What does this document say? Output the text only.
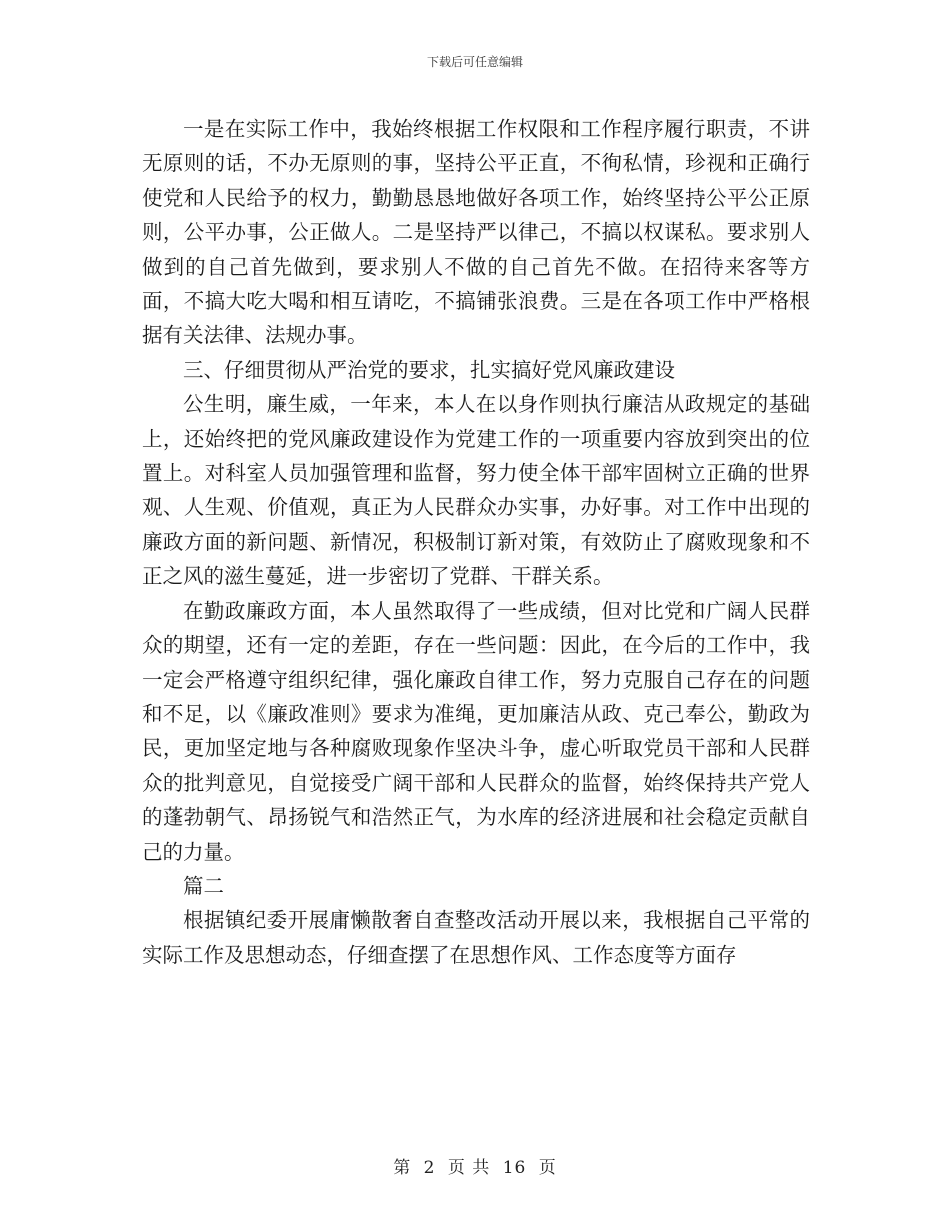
下载后可任意编辑

一是在实际工作中，我始终根据工作权限和工作程序履行职责，不讲无原则的话，不办无原则的事，坚持公平正直，不徇私情，珍视和正确行使党和人民给予的权力，勤勤恳恳地做好各项工作，始终坚持公平公正原则，公平办事，公正做人。二是坚持严以律己，不搞以权谋私。要求别人做到的自己首先做到，要求别人不做的自己首先不做。在招待来客等方面，不搞大吃大喝和相互请吃，不搞铺张浪费。三是在各项工作中严格根据有关法律、法规办事。

三、仔细贯彻从严治党的要求，扎实搞好党风廉政建设

公生明，廉生威，一年来，本人在以身作则执行廉洁从政规定的基础上，还始终把的党风廉政建设作为党建工作的一项重要内容放到突出的位置上。对科室人员加强管理和监督，努力使全体干部牢固树立正确的世界观、人生观、价值观，真正为人民群众办实事，办好事。对工作中出现的廉政方面的新问题、新情况，积极制订新对策，有效防止了腐败现象和不正之风的滋生蔓延，进一步密切了党群、干群关系。

在勤政廉政方面，本人虽然取得了一些成绩，但对比党和广阔人民群众的期望，还有一定的差距，存在一些问题：因此，在今后的工作中，我一定会严格遵守组织纪律，强化廉政自律工作，努力克服自己存在的问题和不足，以《廉政准则》要求为准绳，更加廉洁从政、克己奉公，勤政为民，更加坚定地与各种腐败现象作坚决斗争，虚心听取党员干部和人民群众的批判意见，自觉接受广阔干部和人民群众的监督，始终保持共产党人的蓬勃朝气、昂扬锐气和浩然正气，为水库的经济进展和社会稳定贡献自己的力量。

篇二

根据镇纪委开展庸懒散奢自查整改活动开展以来，我根据自己平常的实际工作及思想动态，仔细查摆了在思想作风、工作态度等方面存

第 2 页 共 16 页
